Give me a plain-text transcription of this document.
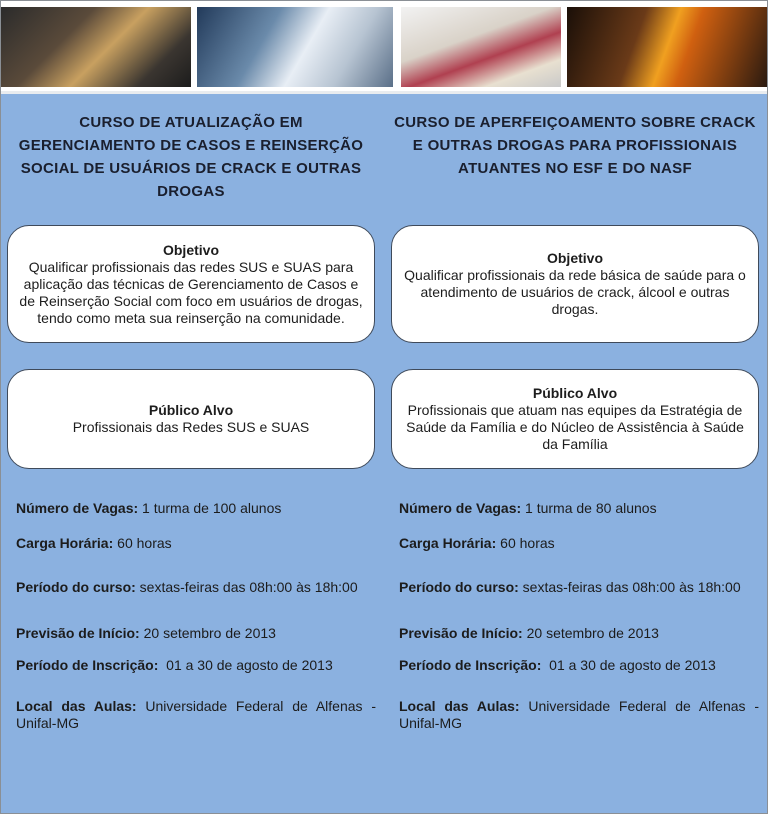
CURSO DE ATUALIZAÇÃO EM GERENCIAMENTO DE CASOS E REINSERÇÃO SOCIAL DE USUÁRIOS DE CRACK E OUTRAS DROGAS
CURSO DE APERFEIÇOAMENTO SOBRE CRACK E OUTRAS DROGAS PARA PROFISSIONAIS ATUANTES NO ESF E DO NASF
Objetivo
Qualificar profissionais das redes SUS e SUAS para aplicação das técnicas de Gerenciamento de Casos e de Reinserção Social com foco em usuários de drogas, tendo como meta sua reinserção na comunidade.
Objetivo
Qualificar profissionais da rede básica de saúde para o atendimento de usuários de crack, álcool e outras drogas.
Público Alvo
Profissionais das Redes SUS e SUAS
Público Alvo
Profissionais que atuam nas equipes da Estratégia de Saúde da Família e do Núcleo de Assistência à Saúde da Família
Número de Vagas: 1 turma de 100 alunos
Carga Horária: 60 horas
Período do curso: sextas-feiras das 08h:00 às 18h:00
Previsão de Início: 20 setembro de 2013
Período de Inscrição:  01 a 30 de agosto de 2013
Local das Aulas: Universidade Federal de Alfenas - Unifal-MG
Número de Vagas: 1 turma de 80 alunos
Carga Horária: 60 horas
Período do curso: sextas-feiras das 08h:00 às 18h:00
Previsão de Início: 20 setembro de 2013
Período de Inscrição:  01 a 30 de agosto de 2013
Local das Aulas: Universidade Federal de Alfenas - Unifal-MG
